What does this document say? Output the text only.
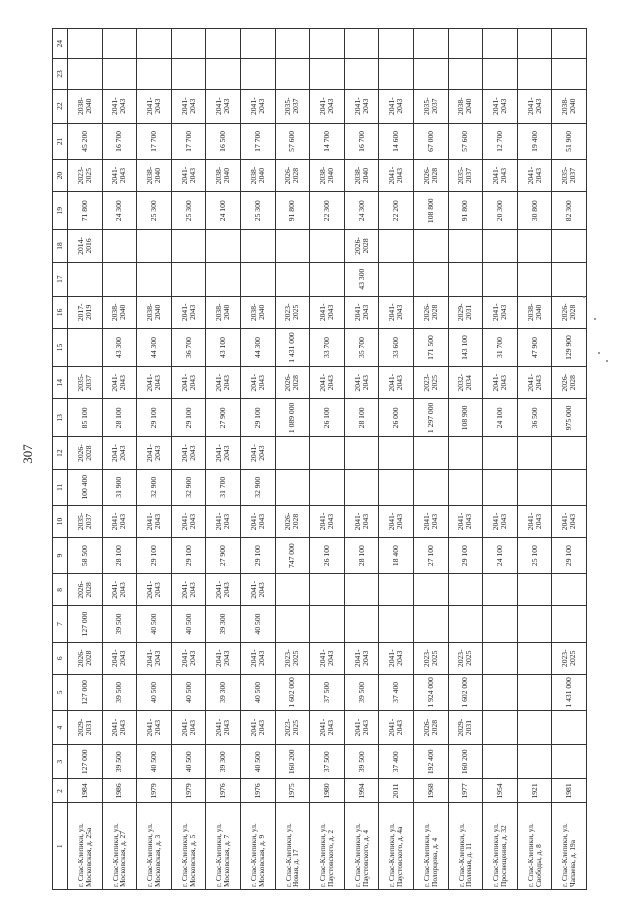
307
1	2	3	4	5	6	7	8	9	10	11	12	13	14	15	16	17	18	19	20	21	22	23	24
г. Спас-Клепики, ул. Московская, д. 25а	1984	127 000	2029-2031	127 000	2026-2028	127 000	2026-2028	58 500	2035-2037	100 400	2026-2028	85 100	2035-2037		2017-2019		2014-2016	71 800	2023-2025	45 200	2038-2040		
г. Спас-Клепики, ул. Московская, д. 27	1986	39 500	2041-2043	39 500	2041-2043	39 500	2041-2043	28 100	2041-2043	31 900	2041-2043	28 100	2041-2043	43 300	2038-2040			24 300	2041-2043	16 700	2041-2043		
г. Спас-Клепики, ул. Московская, д. 3	1979	40 500	2041-2043	40 500	2041-2043	40 500	2041-2043	29 100	2041-2043	32 900	2041-2043	29 100	2041-2043	44 300	2038-2040			25 300	2038-2040	17 700	2041-2043		
г. Спас-Клепики, ул. Московская, д. 5	1979	40 500	2041-2043	40 500	2041-2043	40 500	2041-2043	29 100	2041-2043	32 900	2041-2043	29 100	2041-2043	36 700	2041-2043			25 300	2041-2043	17 700	2041-2043		
г. Спас-Клепики, ул. Московская, д. 7	1976	39 300	2041-2043	39 300	2041-2043	39 300	2041-2043	27 900	2041-2043	31 700	2041-2043	27 900	2041-2043	43 100	2038-2040			24 100	2038-2040	16 500	2041-2043		
г. Спас-Клепики, ул. Московская, д. 9	1976	40 500	2041-2043	40 500	2041-2043	40 500	2041-2043	29 100	2041-2043	32 900	2041-2043	29 100	2041-2043	44 300	2038-2040			25 300	2038-2040	17 700	2041-2043		
г. Спас-Клепики, ул. Новая, д. 17	1975	160 200	2023-2025	1 602 000	2023-2025			747 000	2026-2028			1 089 000	2026-2028	1 431 000	2023-2025			91 800	2026-2028	57 600	2035-2037		
г. Спас-Клепики, ул. Паустовского, д. 2	1980	37 500	2041-2043	37 500	2041-2043			26 100	2041-2043			26 100	2041-2043	33 700	2041-2043			22 300	2038-2040	14 700	2041-2043		
г. Спас-Клепики, ул. Паустовского, д. 4	1994	39 500	2041-2043	39 500	2041-2043			28 100	2041-2043			28 100	2041-2043	35 700	2041-2043	43 300	2026-2028	24 300	2038-2040	16 700	2041-2043		
г. Спас-Клепики, ул. Паустовского, д. 4а	2011	37 400	2041-2043	37 400	2041-2043			18 400	2041-2043			26 000	2041-2043	33 600	2041-2043			22 200	2041-2043	14 600	2041-2043		
г. Спас-Клепики, ул. Полорцова, д. 4	1968	192 400	2026-2028	1 924 000	2023-2025			27 100	2041-2043			1 297 000	2023-2025	171 500	2026-2028			108 800	2026-2028	67 000	2035-2037		
г. Спас-Клепики, ул. Полевая, д. 11	1977	160 200	2029-2031	1 602 000	2023-2025			29 100	2041-2043			108 900	2032-2034	143 100	2029-2031			91 800	2035-2037	57 600	2038-2040		
г. Спас-Клепики, ул. Просвещения, д. 32	1954							24 100	2041-2043			24 100	2041-2043	31 700	2041-2043			20 300	2041-2043	12 700	2041-2043		
г. Спас-Клепики, ул. Свободы, д. 8	1921							25 100	2041-2043			36 500	2041-2043	47 900	2038-2040			30 800	2041-2043	19 400	2041-2043		
г. Спас-Клепики, ул. Чапаева, д. 19а	1981			1 431 000	2023-2025			29 100	2041-2043			975 000	2026-2028	129 900	2026-2028			82 300	2035-2037	51 900	2038-2040		
